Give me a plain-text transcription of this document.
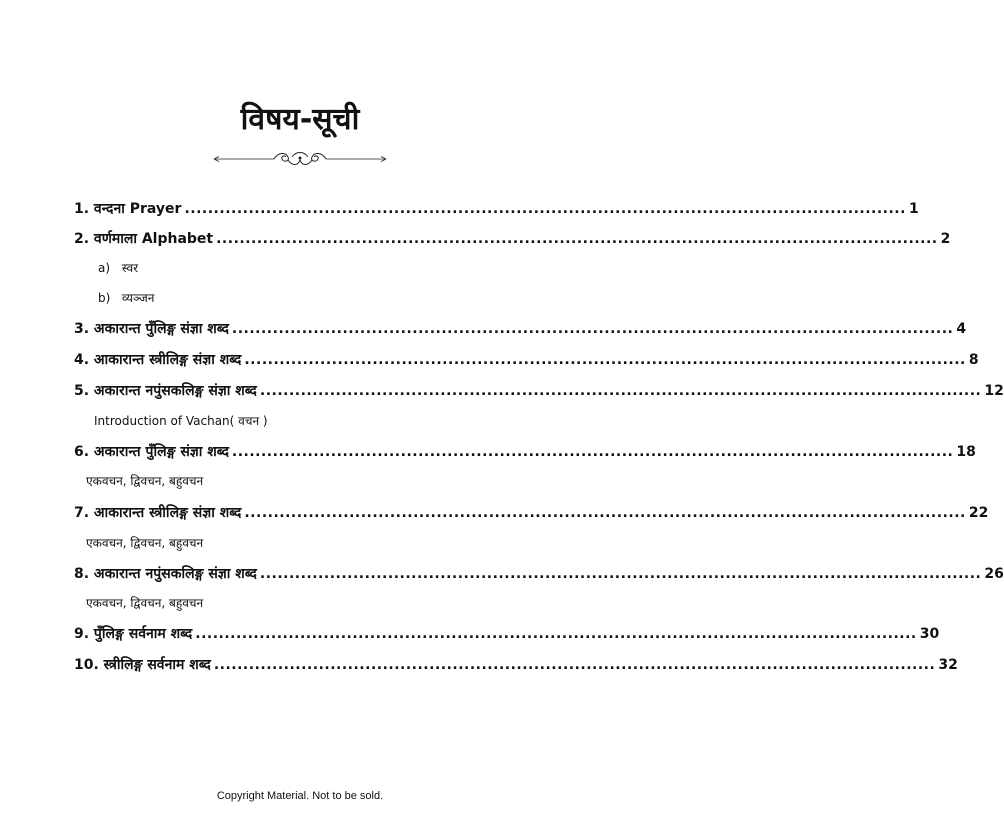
विषय-सूची
1. वन्दना Prayer ............................................................................................................................ 1
2. वर्णमाला Alphabet ............................................................................................................................ 2
a) स्वर
b) व्यञ्जन
3. अकारान्त पुँलिङ्ग संज्ञा शब्द ............................................................................................................................ 4
4. आकारान्त स्त्रीलिङ्ग संज्ञा शब्द ............................................................................................................................ 8
5. अकारान्त नपुंसकलिङ्ग संज्ञा शब्द ............................................................................................................................ 12
Introduction of Vachan( वचन )
6. अकारान्त पुँलिङ्ग संज्ञा शब्द ............................................................................................................................ 18
एकवचन, द्विवचन, बहुवचन
7. आकारान्त स्त्रीलिङ्ग संज्ञा शब्द ............................................................................................................................ 22
एकवचन, द्विवचन, बहुवचन
8. अकारान्त नपुंसकलिङ्ग संज्ञा शब्द ............................................................................................................................ 26
एकवचन, द्विवचन, बहुवचन
9. पुँलिङ्ग सर्वनाम शब्द ............................................................................................................................ 30
10. स्त्रीलिङ्ग सर्वनाम शब्द ............................................................................................................................ 32
Copyright Material. Not to be sold.
